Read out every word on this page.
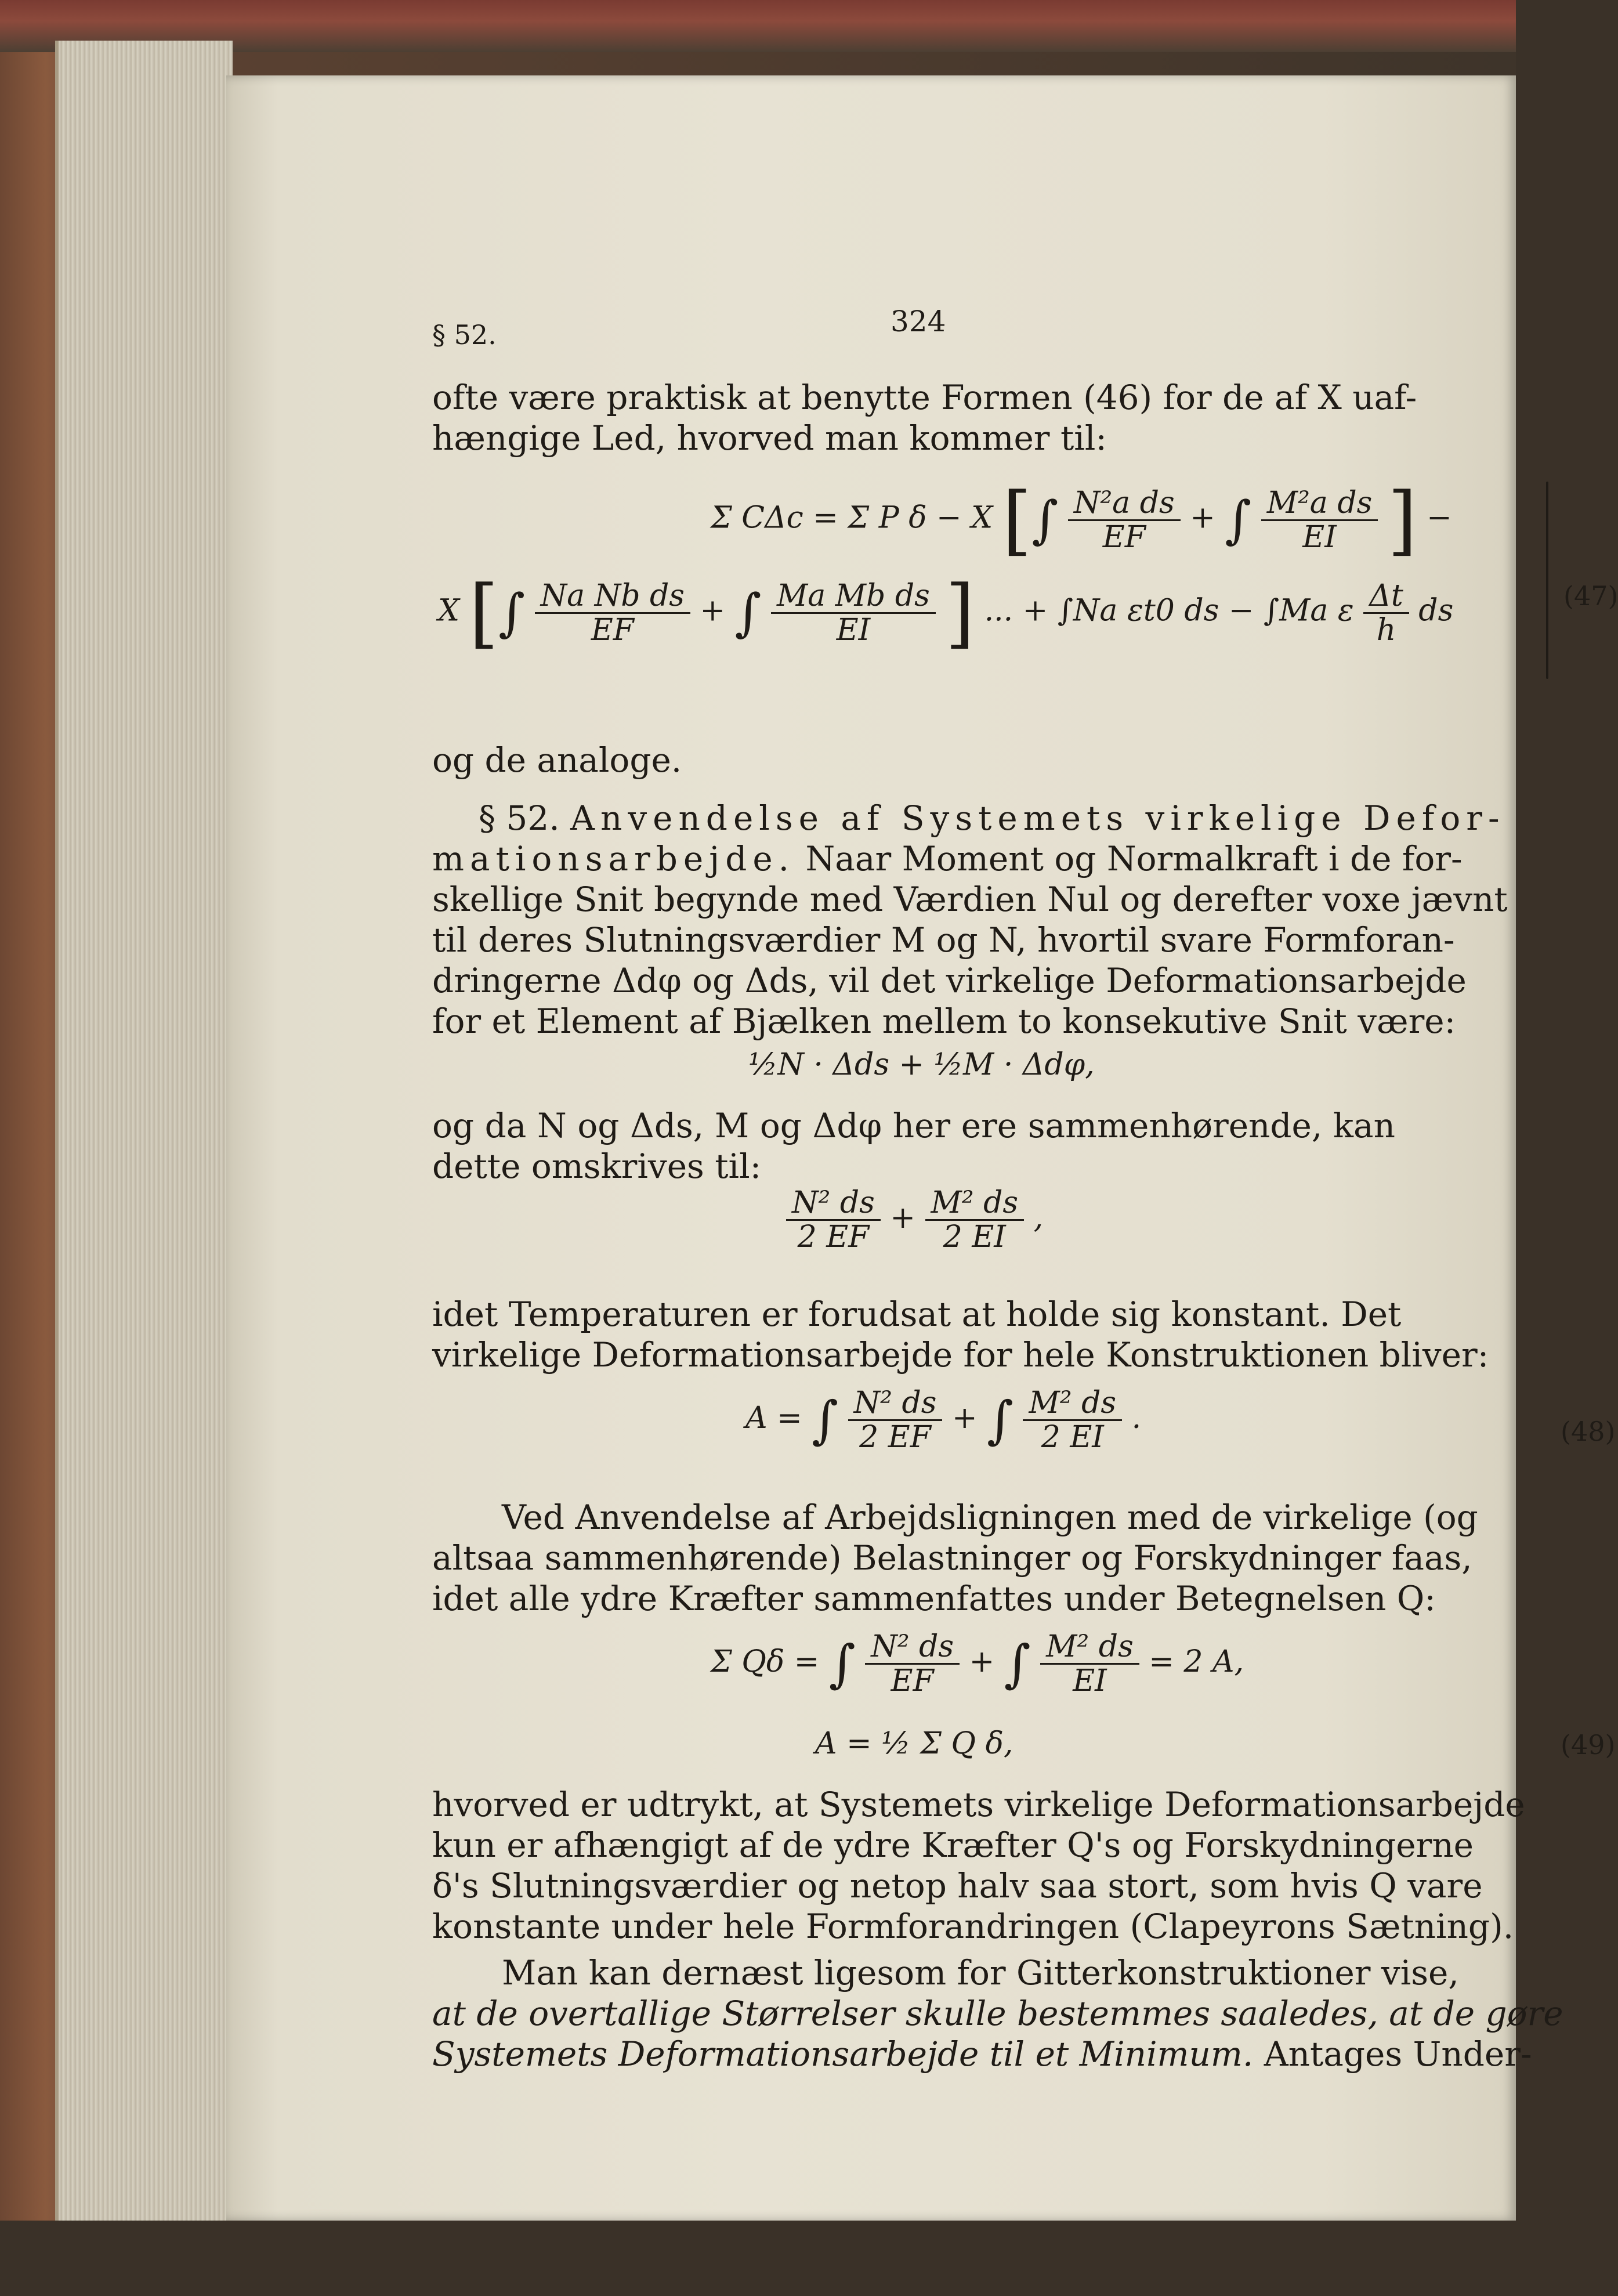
§ 52.	324
ofte være praktisk at benytte Formen (46) for de af X uaf-
hængige Led, hvorved man kommer til:
Σ CΔc = Σ P δ − X [∫ $\frac{\text{N²a ds}}{EF}$ + ∫ $\frac{\text{M²a ds}}{EI}$ ] −
X [∫ $\frac{\text{Na Nb ds}}{EF}$ + ∫ $\frac{\text{Ma Mb ds}}{EI}$ ] ... + ∫Na εt0 ds − ∫Ma ε $\frac{\Delta t}{h}$ ds	(47)
og de analoge.
§ 52. Anvendelse af Systemets virkelige Defor-
mationsarbejde. Naar Moment og Normalkraft i de for-
skellige Snit begynde med Værdien Nul og derefter voxe jævnt
til deres Slutningsværdier M og N, hvortil svare Formforan-
dringerne Δdφ og Δds, vil det virkelige Deformationsarbejde
for et Element af Bjælken mellem to konsekutive Snit være:
½N · Δds + ½M · Δdφ,
og da N og Δds, M og Δdφ her ere sammenhørende, kan
dette omskrives til:
$\frac{\text{N² ds}}{2 EF} + \frac{\text{M² ds}}{2 EI}$ ,
idet Temperaturen er forudsat at holde sig konstant. Det
virkelige Deformationsarbejde for hele Konstruktionen bliver:
A = ∫ $\frac{\text{N² ds}}{2 EF}$ + ∫ $\frac{\text{M² ds}}{2 EI}$ .	(48)
Ved Anvendelse af Arbejdsligningen med de virkelige (og
altsaa sammenhørende) Belastninger og Forskydninger faas,
idet alle ydre Kræfter sammenfattes under Betegnelsen Q:
Σ Qδ = ∫ $\frac{\text{N² ds}}{EF}$ + ∫ $\frac{\text{M² ds}}{EI} = 2$ A,
A = ½ Σ Q δ,	(49)
hvorved er udtrykt, at Systemets virkelige Deformationsarbejde
kun er afhængigt af de ydre Kræfter Q's og Forskydningerne
δ's Slutningsværdier og netop halv saa stort, som hvis Q vare
konstante under hele Formforandringen (Clapeyrons Sætning).
Man kan dernæst ligesom for Gitterkonstruktioner vise,
at de overtallige Størrelser skulle bestemmes saaledes, at de gøre
Systemets Deformationsarbejde til et Minimum. Antages Under-
